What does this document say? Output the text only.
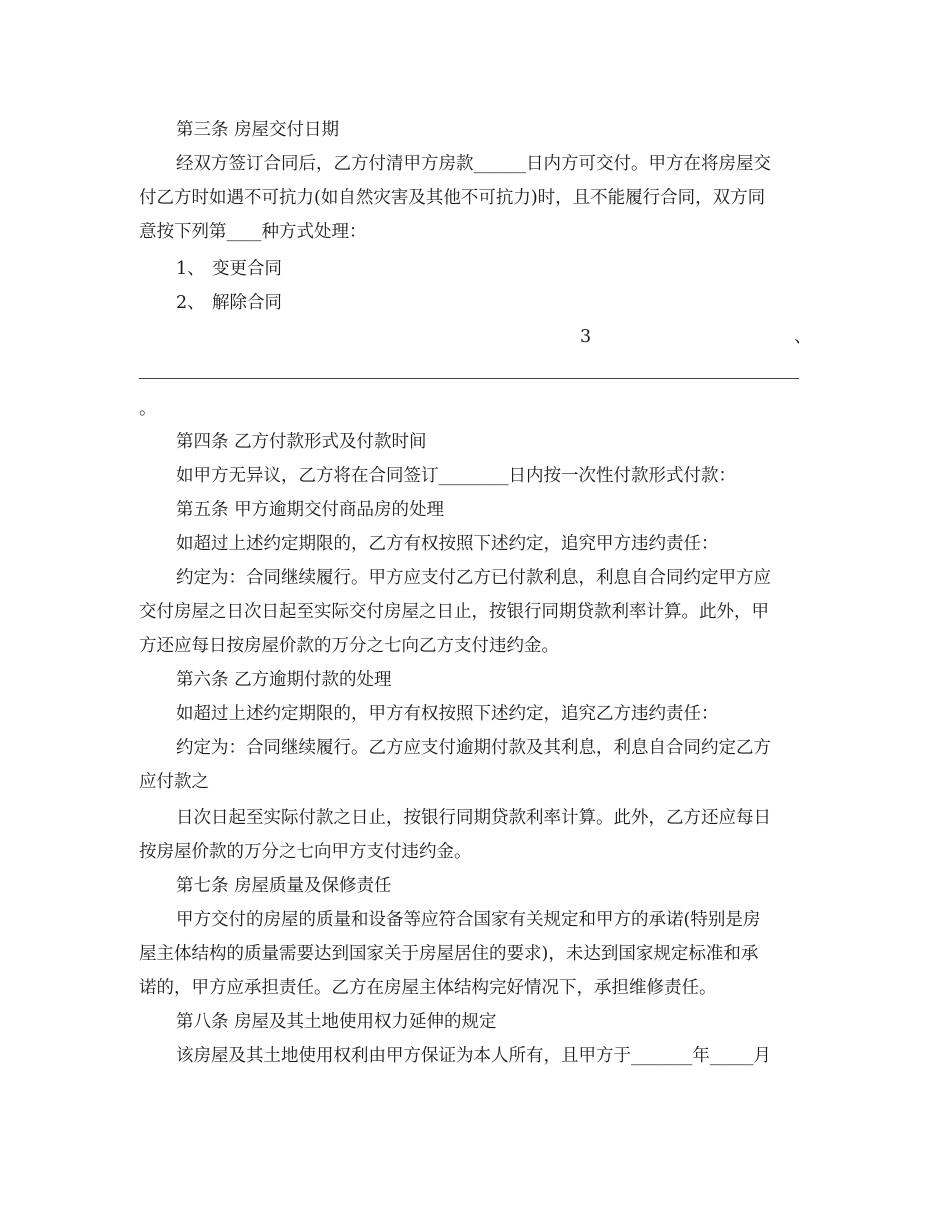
第三条 房屋交付日期
经双方签订合同后，乙方付清甲方房款______日内方可交付。甲方在将房屋交
付乙方时如遇不可抗力(如自然灾害及其他不可抗力)时，且不能履行合同，双方同
意按下列第____种方式处理：
1、 变更合同
2、 解除合同
3	、
。
第四条 乙方付款形式及付款时间
如甲方无异议，乙方将在合同签订________日内按一次性付款形式付款：
第五条 甲方逾期交付商品房的处理
如超过上述约定期限的，乙方有权按照下述约定，追究甲方违约责任：
约定为：合同继续履行。甲方应支付乙方已付款利息，利息自合同约定甲方应
交付房屋之日次日起至实际交付房屋之日止，按银行同期贷款利率计算。此外，甲
方还应每日按房屋价款的万分之七向乙方支付违约金。
第六条 乙方逾期付款的处理
如超过上述约定期限的，甲方有权按照下述约定，追究乙方违约责任：
约定为：合同继续履行。乙方应支付逾期付款及其利息，利息自合同约定乙方
应付款之
日次日起至实际付款之日止，按银行同期贷款利率计算。此外，乙方还应每日
按房屋价款的万分之七向甲方支付违约金。
第七条 房屋质量及保修责任
甲方交付的房屋的质量和设备等应符合国家有关规定和甲方的承诺(特别是房
屋主体结构的质量需要达到国家关于房屋居住的要求)，未达到国家规定标准和承
诺的，甲方应承担责任。乙方在房屋主体结构完好情况下，承担维修责任。
第八条 房屋及其土地使用权力延伸的规定
该房屋及其土地使用权利由甲方保证为本人所有，且甲方于_______年_____月
